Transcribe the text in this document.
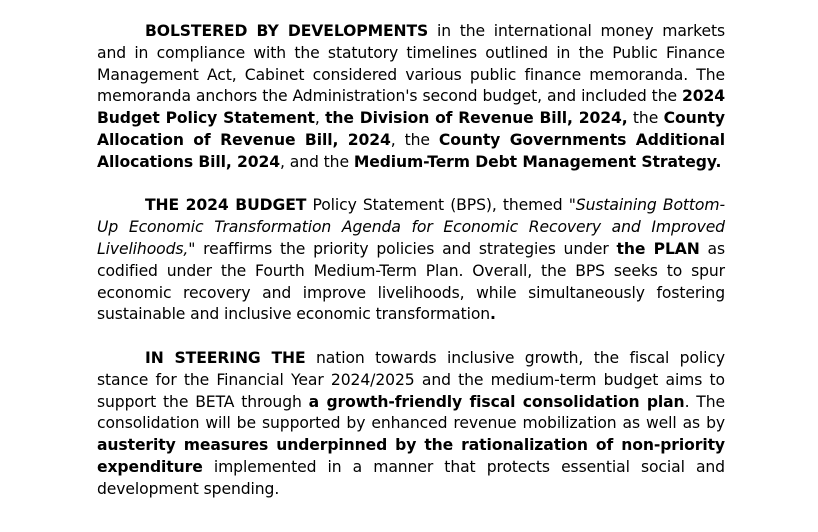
BOLSTERED BY DEVELOPMENTS in the international money markets and in compliance with the statutory timelines outlined in the Public Finance Management Act, Cabinet considered various public finance memoranda. The memoranda anchors the Administration's second budget, and included the 2024 Budget Policy Statement, the Division of Revenue Bill, 2024, the County Allocation of Revenue Bill, 2024, the County Governments Additional Allocations Bill, 2024, and the Medium-Term Debt Management Strategy.

THE 2024 BUDGET Policy Statement (BPS), themed "Sustaining Bottom-Up Economic Transformation Agenda for Economic Recovery and Improved Livelihoods," reaffirms the priority policies and strategies under the PLAN as codified under the Fourth Medium-Term Plan. Overall, the BPS seeks to spur economic recovery and improve livelihoods, while simultaneously fostering sustainable and inclusive economic transformation.

IN STEERING THE nation towards inclusive growth, the fiscal policy stance for the Financial Year 2024/2025 and the medium-term budget aims to support the BETA through a growth-friendly fiscal consolidation plan. The consolidation will be supported by enhanced revenue mobilization as well as by austerity measures underpinned by the rationalization of non-priority expenditure implemented in a manner that protects essential social and development spending.
